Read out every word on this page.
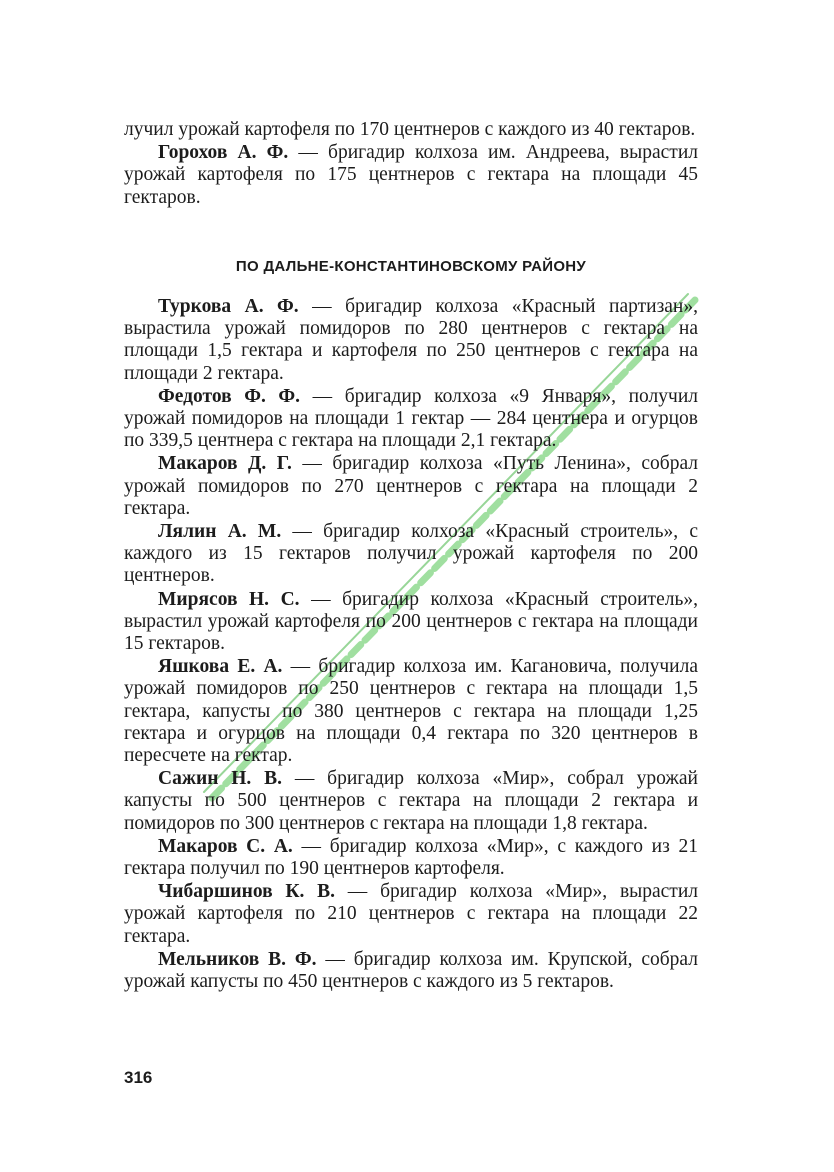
лучил урожай картофеля по 170 центнеров с каждого из 40 гектаров.

Горохов А. Ф. — бригадир колхоза им. Андреева, вырастил урожай картофеля по 175 центнеров с гектара на площади 45 гектаров.

ПО ДАЛЬНЕ-КОНСТАНТИНОВСКОМУ РАЙОНУ

Туркова А. Ф. — бригадир колхоза «Красный партизан», вырастила урожай помидоров по 280 центнеров с гектара на площади 1,5 гектара и картофеля по 250 центнеров с гектара на площади 2 гектара.

Федотов Ф. Ф. — бригадир колхоза «9 Января», получил урожай помидоров на площади 1 гектар — 284 центнера и огурцов по 339,5 центнера с гектара на площади 2,1 гектара.

Макаров Д. Г. — бригадир колхоза «Путь Ленина», собрал урожай помидоров по 270 центнеров с гектара на площади 2 гектара.

Лялин А. М. — бригадир колхоза «Красный строитель», с каждого из 15 гектаров получил урожай картофеля по 200 центнеров.

Мирясов Н. С. — бригадир колхоза «Красный строитель», вырастил урожай картофеля по 200 центнеров с гектара на площади 15 гектаров.

Яшкова Е. А. — бригадир колхоза им. Кагановича, получила урожай помидоров по 250 центнеров с гектара на площади 1,5 гектара, капусты по 380 центнеров с гектара на площади 1,25 гектара и огурцов на площади 0,4 гектара по 320 центнеров в пересчете на гектар.

Сажин Н. В. — бригадир колхоза «Мир», собрал урожай капусты по 500 центнеров с гектара на площади 2 гектара и помидоров по 300 центнеров с гектара на площади 1,8 гектара.

Макаров С. А. — бригадир колхоза «Мир», с каждого из 21 гектара получил по 190 центнеров картофеля.

Чибаршинов К. В. — бригадир колхоза «Мир», вырастил урожай картофеля по 210 центнеров с гектара на площади 22 гектара.

Мельников В. Ф. — бригадир колхоза им. Крупской, собрал урожай капусты по 450 центнеров с каждого из 5 гектаров.

316
